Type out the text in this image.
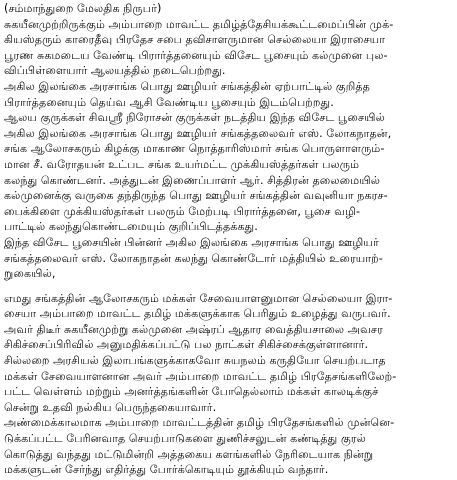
(சம்மாந்துறை மேலதிக நிருபர்)
சுகயீனமுற்றிருக்கும் அம்பாறை மாவட்ட தமிழ்த்தேசியக்கூட்டமைப்பின் முக்-
கியஸ்தரும் காரைதீவு பிரதேச சபை தவிசாளருமான செல்லையா இராசையா
பூரண சுகமடைய வேண்டி பிரார்த்தனையும் விசேட பூசையும் கல்முனை புல-
விப்பிள்ளையார் ஆலயத்தில் நடைபெற்றது.
அகில இலங்கை அரசாங்க பொது ஊழியர் சங்கத்தின் ஏற்பாட்டில் குறித்த
பிரார்த்தனையும் தெய்வ ஆசி வேண்டிய பூசையும் இடம்பெற்றது.
ஆலய குருக்கள் சிவஸ்ரீ நிரோசன் குருக்கள் நடத்திய இந்த விசேட பூசையில்
அகில இலங்கை அரசாங்க பொது ஊழியர் சங்கத்தலைவர் எஸ். லோகநாதன்,
சங்க ஆலோசகரும் கிழக்கு மாகாண நொத்தாரிஸ்மார் சங்க பொருளாளரும்-
மான சீ. வரோதயன் உட்பட சங்க உயர்மட்ட முக்கியஸ்த்தர்கள் பலரும்
கலந்து கொண்டனர். அத்துடன் இணைப்பாளர் ஆர். சித்திரன் தலைமையில்
கல்முனைக்கு வருகை தந்திருந்த பொது ஊழியர் சங்கத்தின் வவுனியா நகரச-
பைக்கிளை முக்கியஸ்தர்கள் பலரும் மேற்படி பிரார்த்தனை, பூசை வழி-
பாட்டில் கலந்துகொண்டமையும் குறிப்பிடத்தக்கது.
இந்த விசேட பூசையின் பின்னர் அகில இலங்கை அரசாங்க பொது ஊழியர்
சங்கத்தலைவர் எஸ். லோகநாதன் கலந்து கொண்டோர் மத்தியில் உரையாற்-
றுகையில்,
எமது சங்கத்தின் ஆலோசகரும் மக்கள் சேவையாளனுமான செல்லையா இரா-
சையா அம்பாறை மாவட்ட தமிழ் மக்களுக்காக பெரிதும் உழைத்து வருபவர்.
அவர் திடீர் சுகயீனமுற்று கல்முனை அஷ்ரப் ஆதார வைத்தியசாலை அவசர
சிகிச்சைப்பிரிவில் அனுமதிக்கப்பட்டு பல நாட்கள் சிகிச்சைக்குள்ளானார்.
சில்லறை அரசியல் இலாபங்களுக்காகவோ சுயநலம் கருதியோ செயற்படாத
மக்கள் சேவையாளனான அவர் அம்பாறை மாவட்ட தமிழ் பிரதேசங்களிலேற்-
பட்ட வெள்ளம் மற்றும் அனர்த்தங்களின் போதெல்லாம் மக்கள் காலடிக்குச்
சென்று உதவி நல்கிய பெருந்தகையாவார்.
அண்மைக்காலமாக அம்பாறை மாவட்டத்தின் தமிழ் பிரதேசங்களில் முன்னெ-
டுக்கப்பட்ட பேரினவாத செயற்பாடுகளை துணிச்சலுடன் கண்டித்து குரல்
கொடுத்து வந்தது மட்டுமின்றி அத்தகைய களங்களில் நேரிடையாக நின்று
மக்களுடன் சேர்ந்து எதிர்த்து போர்க்கொடியும் தூக்கியும் வந்தார்.
